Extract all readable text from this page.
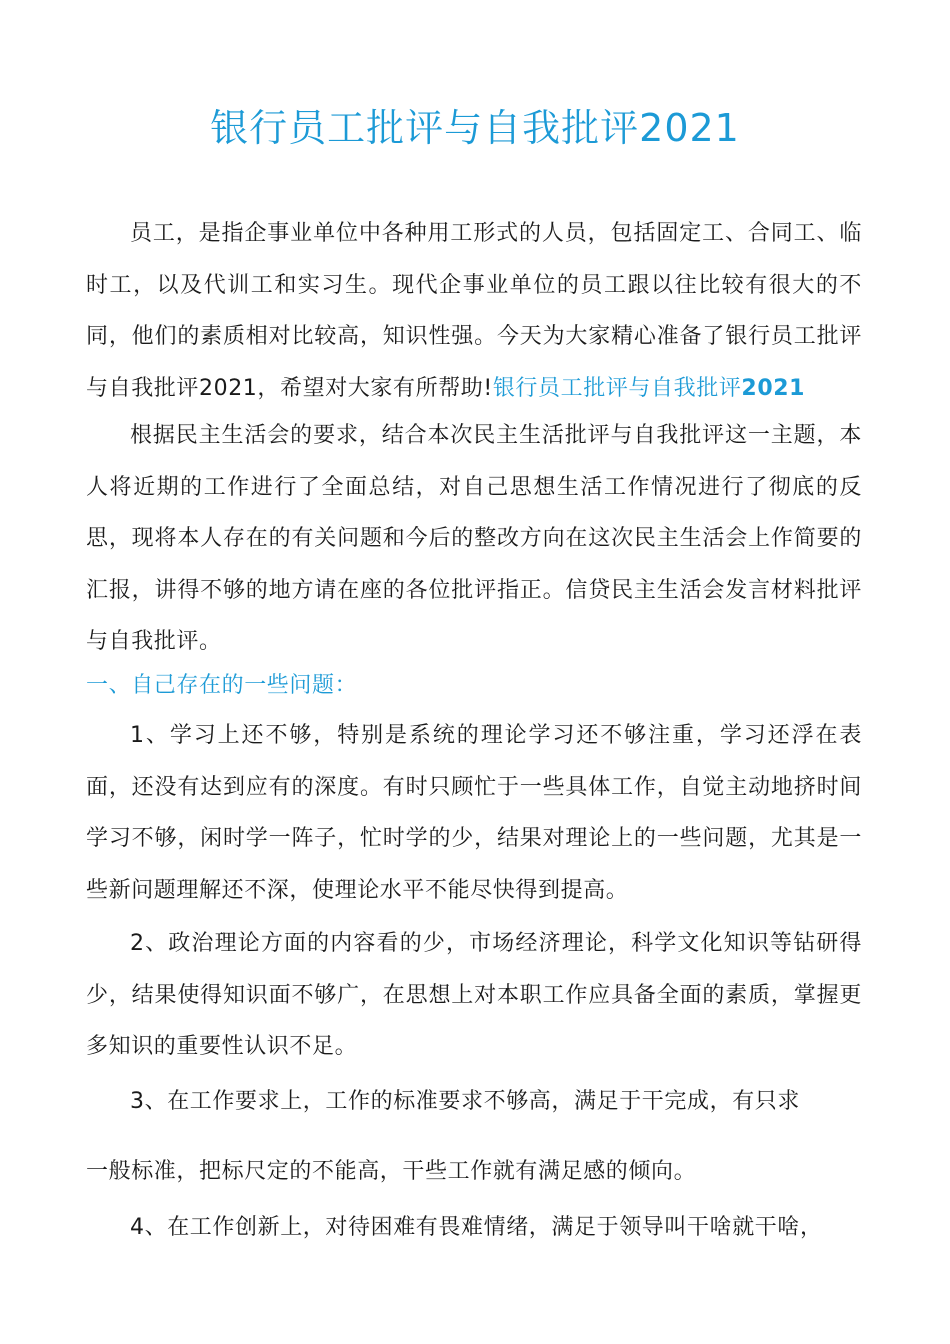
银行员工批评与自我批评2021

员工，是指企事业单位中各种用工形式的人员，包括固定工、合同工、临时工，以及代训工和实习生。现代企事业单位的员工跟以往比较有很大的不同，他们的素质相对比较高，知识性强。今天为大家精心准备了银行员工批评与自我批评2021，希望对大家有所帮助!银行员工批评与自我批评2021

根据民主生活会的要求，结合本次民主生活批评与自我批评这一主题，本人将近期的工作进行了全面总结，对自己思想生活工作情况进行了彻底的反思，现将本人存在的有关问题和今后的整改方向在这次民主生活会上作简要的汇报，讲得不够的地方请在座的各位批评指正。信贷民主生活会发言材料批评与自我批评。

一、自己存在的一些问题：

1、学习上还不够，特别是系统的理论学习还不够注重，学习还浮在表面，还没有达到应有的深度。有时只顾忙于一些具体工作，自觉主动地挤时间学习不够，闲时学一阵子，忙时学的少，结果对理论上的一些问题，尤其是一些新问题理解还不深，使理论水平不能尽快得到提高。

2、政治理论方面的内容看的少，市场经济理论，科学文化知识等钻研得少，结果使得知识面不够广，在思想上对本职工作应具备全面的素质，掌握更多知识的重要性认识不足。

3、在工作要求上，工作的标准要求不够高，满足于干完成，有只求

一般标准，把标尺定的不能高，干些工作就有满足感的倾向。

4、在工作创新上，对待困难有畏难情绪，满足于领导叫干啥就干啥，
